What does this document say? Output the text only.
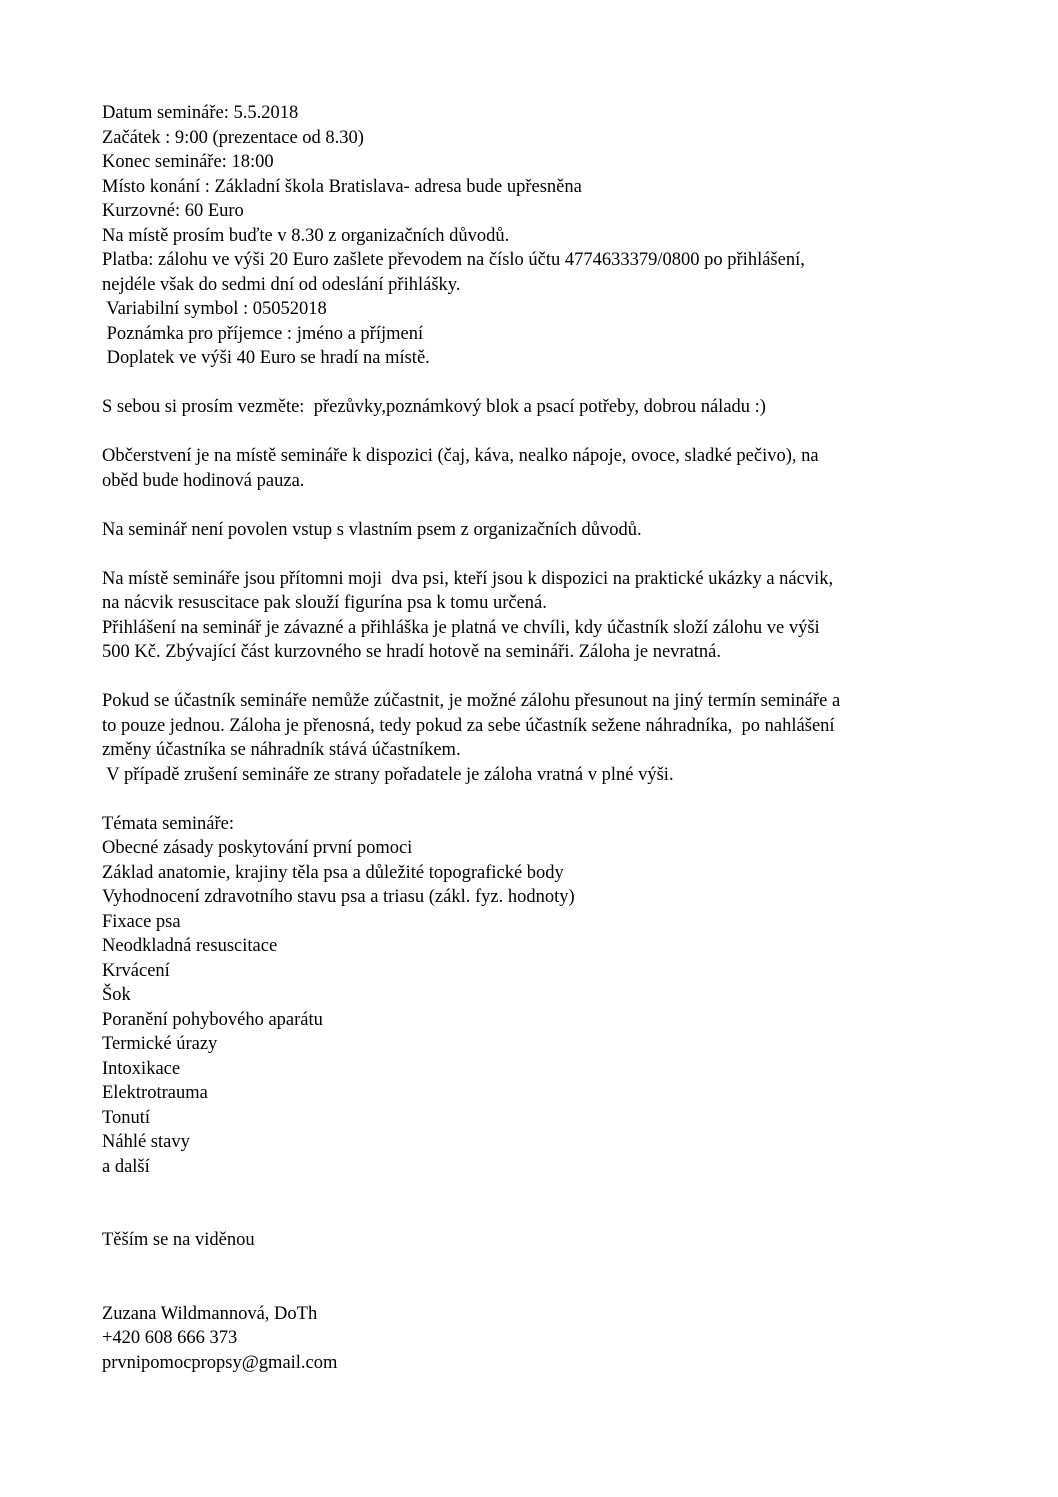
Datum semináře: 5.5.2018
Začátek : 9:00 (prezentace od 8.30)
Konec semináře: 18:00
Místo konání : Základní škola Bratislava- adresa bude upřesněna
Kurzovné: 60 Euro
Na místě prosím buďte v 8.30 z organizačních důvodů.
Platba: zálohu ve výši 20 Euro zašlete převodem na číslo účtu 4774633379/0800 po přihlášení,
nejdéle však do sedmi dní od odeslání přihlášky.
Variabilní symbol : 05052018
Poznámka pro příjemce : jméno a příjmení
Doplatek ve výši 40 Euro se hradí na místě.
S sebou si prosím vezměte:  přezůvky,poznámkový blok a psací potřeby, dobrou náladu :)
Občerstvení je na místě semináře k dispozici (čaj, káva, nealko nápoje, ovoce, sladké pečivo), na
oběd bude hodinová pauza.
Na seminář není povolen vstup s vlastním psem z organizačních důvodů.
Na místě semináře jsou přítomni moji  dva psi, kteří jsou k dispozici na praktické ukázky a nácvik,
na nácvik resuscitace pak slouží figurína psa k tomu určená.
Přihlášení na seminář je závazné a přihláška je platná ve chvíli, kdy účastník složí zálohu ve výši
500 Kč. Zbývající část kurzovného se hradí hotově na semináři. Záloha je nevratná.
Pokud se účastník semináře nemůže zúčastnit, je možné zálohu přesunout na jiný termín semináře a
to pouze jednou. Záloha je přenosná, tedy pokud za sebe účastník sežene náhradníka,  po nahlášení
změny účastníka se náhradník stává účastníkem.
V případě zrušení semináře ze strany pořadatele je záloha vratná v plné výši.
Témata semináře:
Obecné zásady poskytování první pomoci
Základ anatomie, krajiny těla psa a důležité topografické body
Vyhodnocení zdravotního stavu psa a triasu (zákl. fyz. hodnoty)
Fixace psa
Neodkladná resuscitace
Krvácení
Šok
Poranění pohybového aparátu
Termické úrazy
Intoxikace
Elektrotrauma
Tonutí
Náhlé stavy
a další
Těším se na viděnou
Zuzana Wildmannová, DoTh
+420 608 666 373
prvnipomocpropsy@gmail.com
